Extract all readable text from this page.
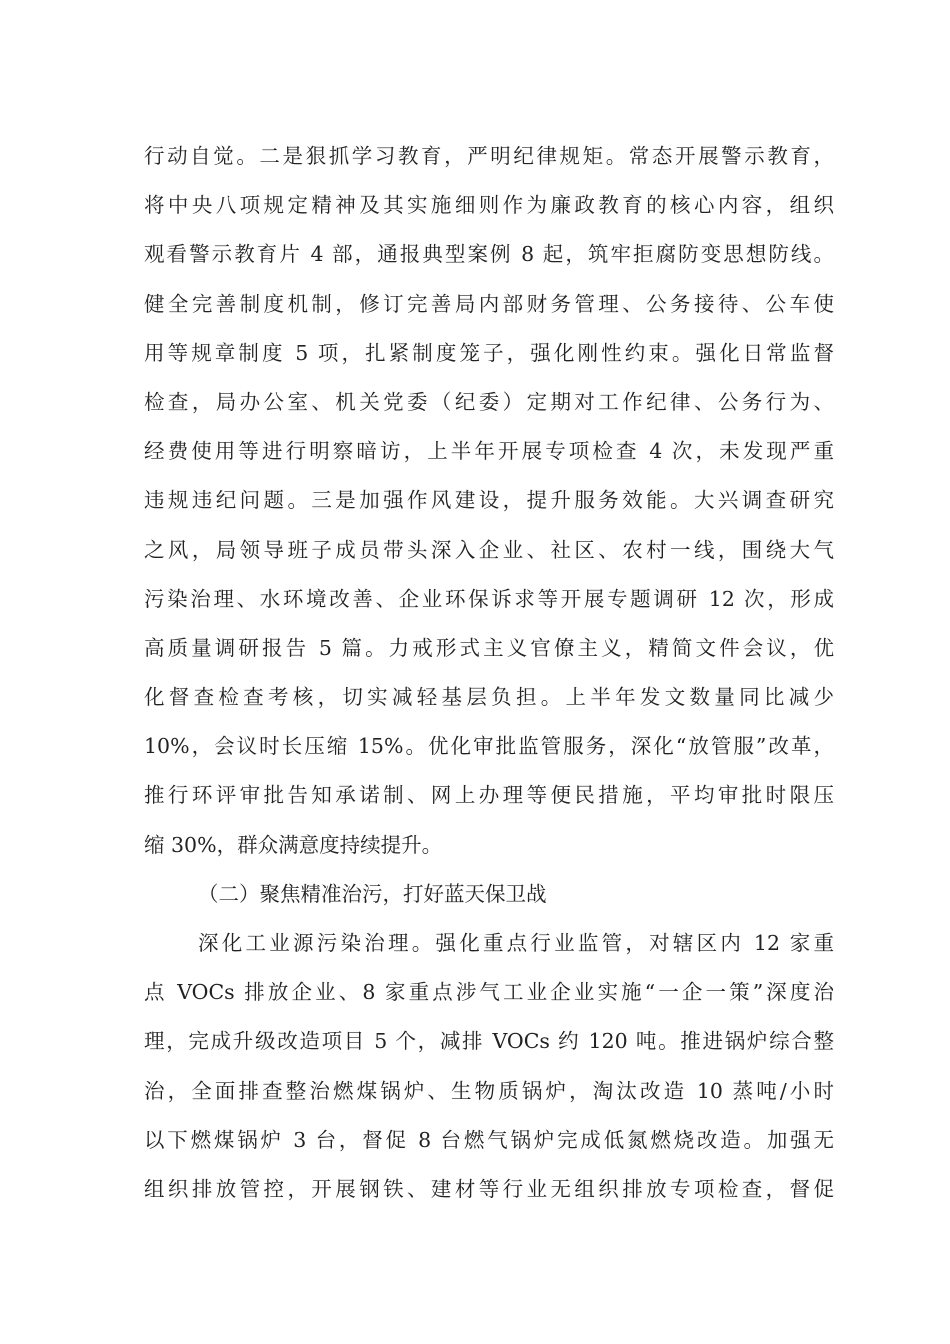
行动自觉。二是狠抓学习教育，严明纪律规矩。常态开展警示教育，
将中央八项规定精神及其实施细则作为廉政教育的核心内容，组织
观看警示教育片 4 部，通报典型案例 8 起，筑牢拒腐防变思想防线。
健全完善制度机制，修订完善局内部财务管理、公务接待、公车使
用等规章制度 5 项，扎紧制度笼子，强化刚性约束。强化日常监督
检查，局办公室、机关党委（纪委）定期对工作纪律、公务行为、
经费使用等进行明察暗访，上半年开展专项检查 4 次，未发现严重
违规违纪问题。三是加强作风建设，提升服务效能。大兴调查研究
之风，局领导班子成员带头深入企业、社区、农村一线，围绕大气
污染治理、水环境改善、企业环保诉求等开展专题调研 12 次，形成
高质量调研报告 5 篇。力戒形式主义官僚主义，精简文件会议，优
化督查检查考核，切实减轻基层负担。上半年发文数量同比减少
10%，会议时长压缩 15%。优化审批监管服务，深化“放管服”改革，
推行环评审批告知承诺制、网上办理等便民措施，平均审批时限压
缩 30%，群众满意度持续提升。
（二）聚焦精准治污，打好蓝天保卫战
深化工业源污染治理。强化重点行业监管，对辖区内 12 家重
点 VOCs 排放企业、8 家重点涉气工业企业实施“一企一策”深度治
理，完成升级改造项目 5 个，减排 VOCs 约 120 吨。推进锅炉综合整
治，全面排查整治燃煤锅炉、生物质锅炉，淘汰改造 10 蒸吨/小时
以下燃煤锅炉 3 台，督促 8 台燃气锅炉完成低氮燃烧改造。加强无
组织排放管控，开展钢铁、建材等行业无组织排放专项检查，督促
